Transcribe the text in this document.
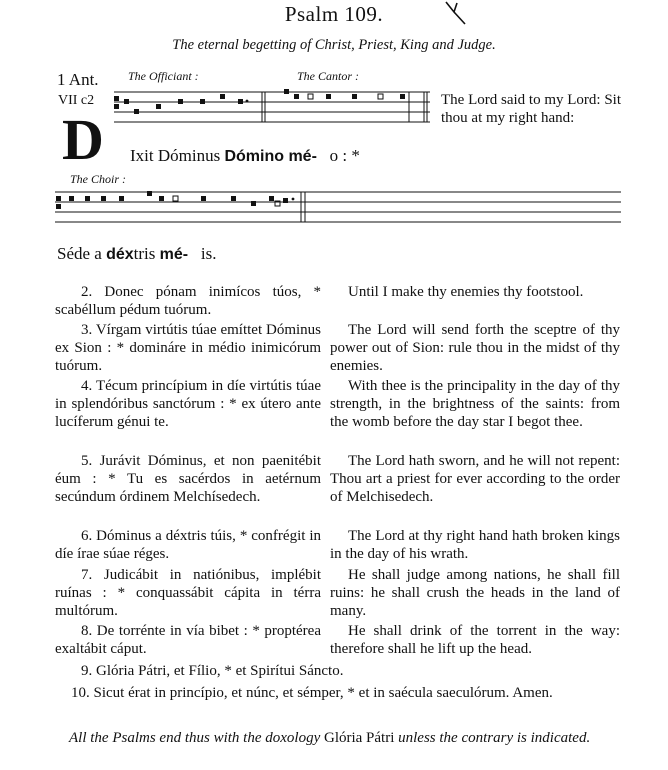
Psalm 109.
The eternal begetting of Christ, Priest, King and Judge.
1 Ant.
VII c2
The Officiant :	The Cantor :
The Choir :
D Ixit Dóminus Dómino mé- o : *
The Lord said to my Lord: Sit thou at my right hand:
Séde a déxtris mé- is.
2. Donec pónam inimícos túos, * scabéllum pédum tuórum.
Until I make thy enemies thy footstool.
3. Vírgam virtútis túae emíttet Dóminus ex Sion : * domináre in médio inimicórum tuórum.
The Lord will send forth the sceptre of thy power out of Sion: rule thou in the midst of thy enemies.
4. Técum princípium in díe virtútis túae in splendóribus sanctórum : * ex útero ante lucíferum génui te.
With thee is the principality in the day of thy strength, in the brightness of the saints: from the womb before the day star I begot thee.
5. Jurávit Dóminus, et non paenitébit éum : * Tu es sacérdos in aetérnum secúndum órdinem Melchísedech.
The Lord hath sworn, and he will not repent: Thou art a priest for ever according to the order of Melchisedech.
6. Dóminus a déxtris túis, * confrégit in díe írae súae réges.
The Lord at thy right hand hath broken kings in the day of his wrath.
7. Judicábit in natiónibus, implébit ruínas : * conquassábit cápita in térra multórum.
He shall judge among nations, he shall fill ruins: he shall crush the heads in the land of many.
8. De torrénte in vía bibet : * proptérea exaltábit cáput.
He shall drink of the torrent in the way: therefore shall he lift up the head.
9. Glória Pátri, et Fílio, * et Spirítui Sáncto.
10. Sicut érat in princípio, et núnc, et sémper, * et in saécula saeculórum. Amen.
All the Psalms end thus with the doxology Glória Pátri unless the contrary is indicated.
